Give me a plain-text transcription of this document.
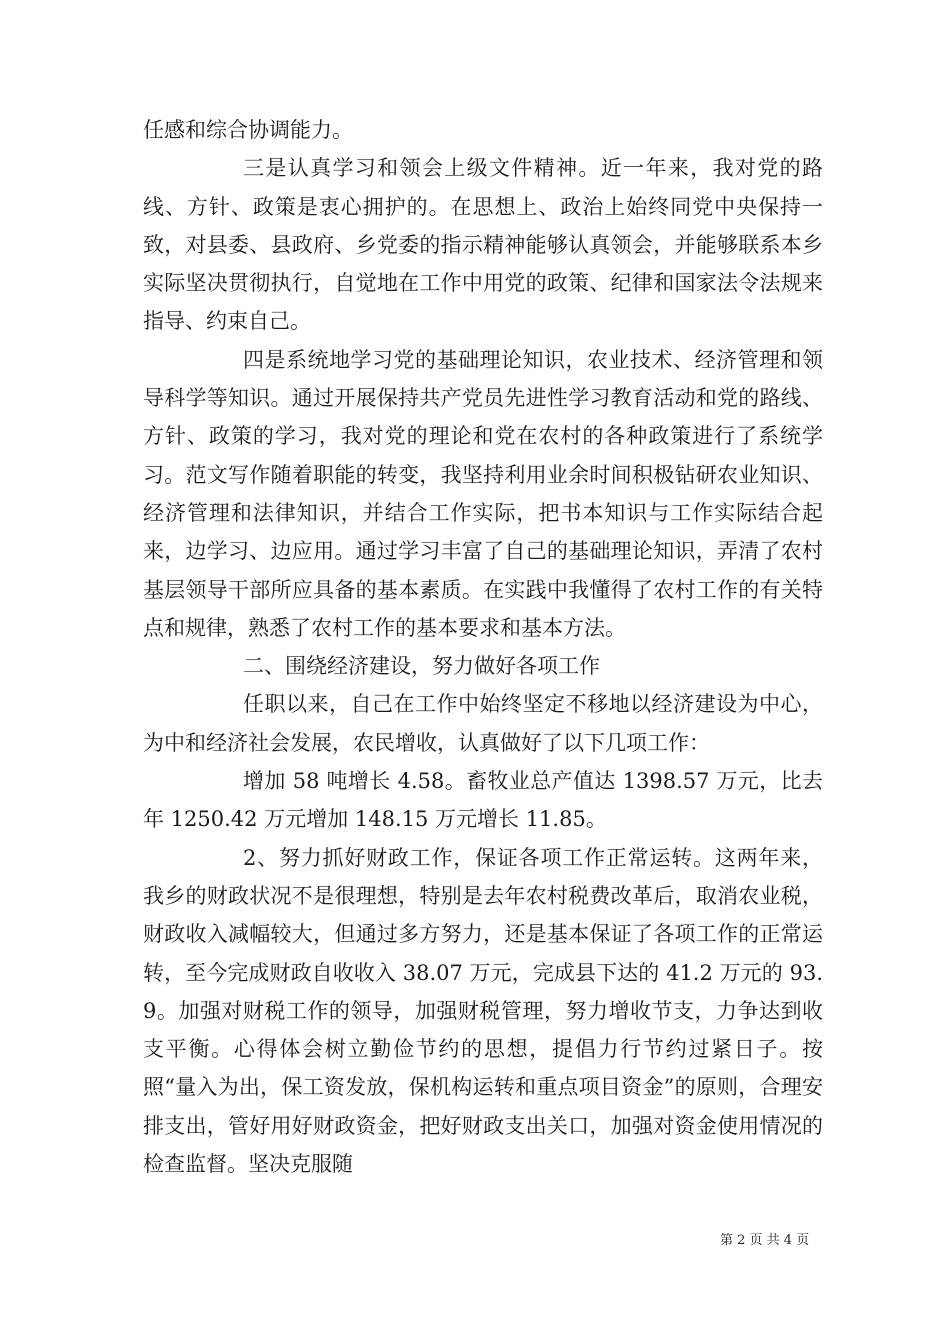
任感和综合协调能力。

三是认真学习和领会上级文件精神。近一年来，我对党的路线、方针、政策是衷心拥护的。在思想上、政治上始终同党中央保持一致，对县委、县政府、乡党委的指示精神能够认真领会，并能够联系本乡实际坚决贯彻执行，自觉地在工作中用党的政策、纪律和国家法令法规来指导、约束自己。

四是系统地学习党的基础理论知识，农业技术、经济管理和领导科学等知识。通过开展保持共产党员先进性学习教育活动和党的路线、方针、政策的学习，我对党的理论和党在农村的各种政策进行了系统学习。范文写作随着职能的转变，我坚持利用业余时间积极钻研农业知识、经济管理和法律知识，并结合工作实际，把书本知识与工作实际结合起来，边学习、边应用。通过学习丰富了自己的基础理论知识，弄清了农村基层领导干部所应具备的基本素质。在实践中我懂得了农村工作的有关特点和规律，熟悉了农村工作的基本要求和基本方法。

二、围绕经济建设，努力做好各项工作

任职以来，自己在工作中始终坚定不移地以经济建设为中心，为中和经济社会发展，农民增收，认真做好了以下几项工作：

增加 58 吨增长 4.58。畜牧业总产值达 1398.57 万元，比去年 1250.42 万元增加 148.15 万元增长 11.85。

2、努力抓好财政工作，保证各项工作正常运转。这两年来，我乡的财政状况不是很理想，特别是去年农村税费改革后，取消农业税，财政收入减幅较大，但通过多方努力，还是基本保证了各项工作的正常运转，至今完成财政自收收入 38.07 万元，完成县下达的 41.2 万元的 93.9。加强对财税工作的领导，加强财税管理，努力增收节支，力争达到收支平衡。心得体会树立勤俭节约的思想，提倡力行节约过紧日子。按照“量入为出，保工资发放，保机构运转和重点项目资金”的原则，合理安排支出，管好用好财政资金，把好财政支出关口，加强对资金使用情况的检查监督。坚决克服随

第 2 页 共 4 页
